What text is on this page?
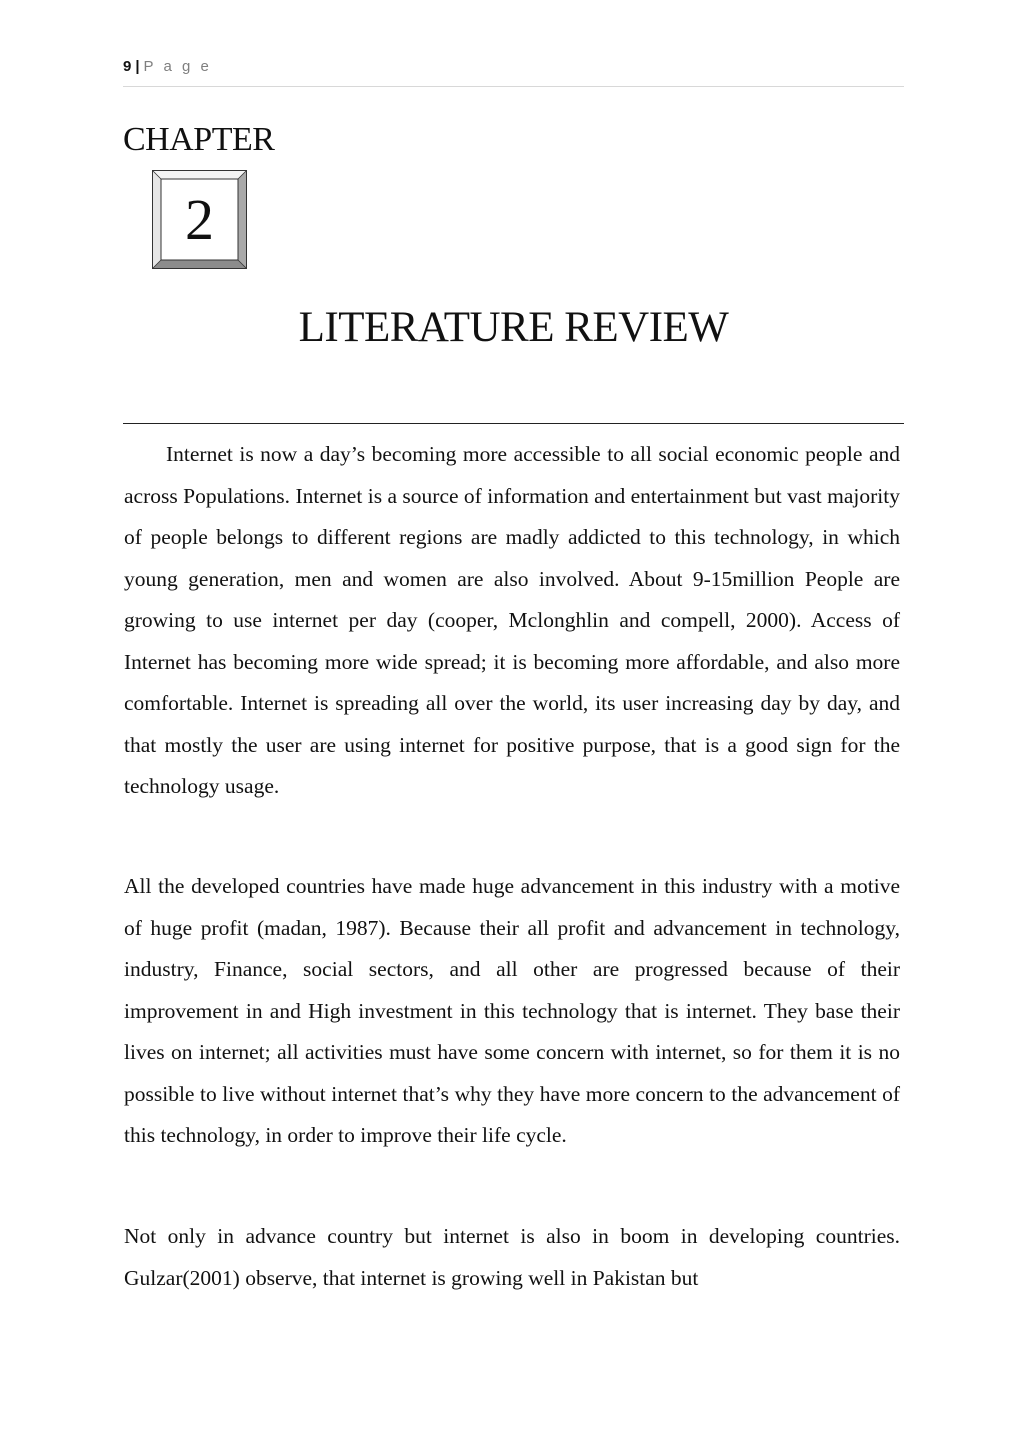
9 | P a g e
CHAPTER
2
LITERATURE REVIEW

Internet is now a day’s becoming more accessible to all social economic people and across Populations. Internet is a source of information and entertainment but vast majority of people belongs to different regions are madly addicted to this technology, in which young generation, men and women are also involved. About 9-15million People are growing to use internet per day (cooper, Mclonghlin and compell, 2000). Access of Internet has becoming more wide spread; it is becoming more affordable, and also more comfortable. Internet is spreading all over the world, its user increasing day by day, and that mostly the user are using internet for positive purpose, that is a good sign for the technology usage.

All the developed countries have made huge advancement in this industry with a motive of huge profit (madan, 1987). Because their all profit and advancement in technology, industry, Finance, social sectors, and all other are progressed because of their improvement in and High investment in this technology that is internet. They base their lives on internet; all activities must have some concern with internet, so for them it is no possible to live without internet that’s why they have more concern to the advancement of this technology, in order to improve their life cycle.

Not only in advance country but internet is also in boom in developing countries. Gulzar(2001) observe, that internet is growing well in Pakistan but
